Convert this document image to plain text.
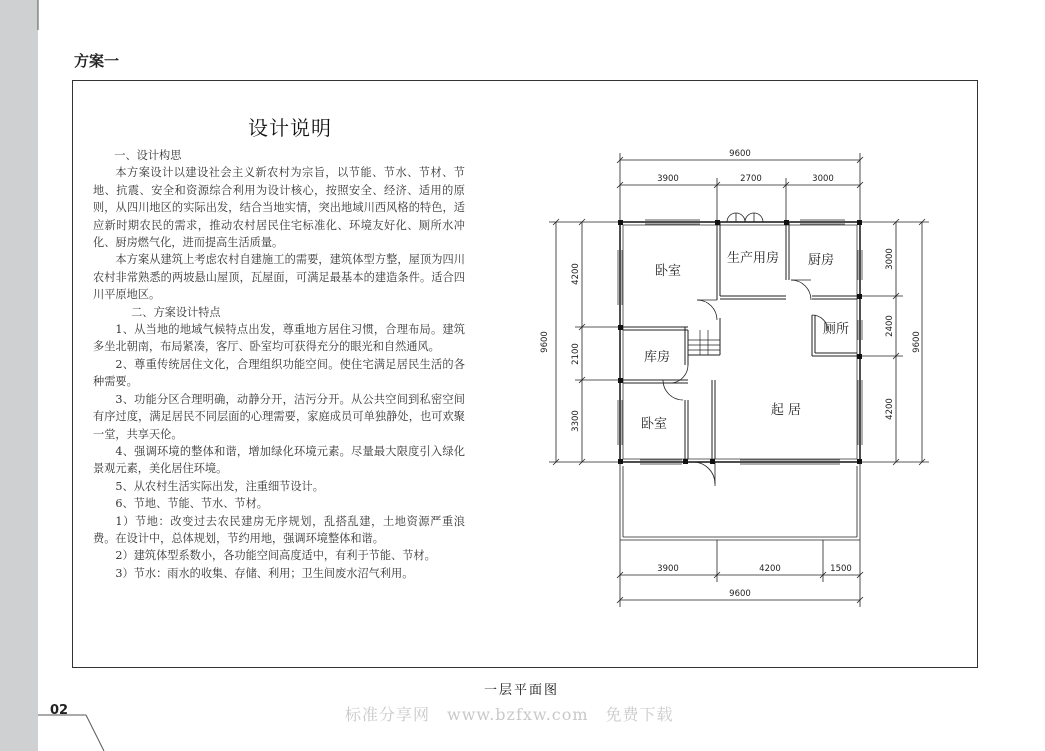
方案一
设计说明

一、设计构思

本方案设计以建设社会主义新农村为宗旨，以节能、节水、节材、节地、抗震、安全和资源综合利用为设计核心，按照安全、经济、适用的原则，从四川地区的实际出发，结合当地实情，突出地域川西风格的特色，适应新时期农民的需求，推动农村居民住宅标准化、环境友好化、厕所水冲化、厨房燃气化，进而提高生活质量。

本方案从建筑上考虑农村自建施工的需要，建筑体型方整，屋顶为四川农村非常熟悉的两坡悬山屋顶，瓦屋面，可满足最基本的建造条件。适合四川平原地区。

二、方案设计特点

1、从当地的地域气候特点出发，尊重地方居住习惯，合理布局。建筑多坐北朝南，布局紧凑，客厅、卧室均可获得充分的眼光和自然通风。

2、尊重传统居住文化，合理组织功能空间。使住宅满足居民生活的各种需要。

3、功能分区合理明确，动静分开，洁污分开。从公共空间到私密空间有序过度，满足居民不同层面的心理需要，家庭成员可单独静处，也可欢聚一堂，共享天伦。

4、强调环境的整体和谐，增加绿化环境元素。尽量最大限度引入绿化景观元素，美化居住环境。

5、从农村生活实际出发，注重细节设计。

6、节地、节能、节水、节材。

1）节地：改变过去农民建房无序规划，乱搭乱建，土地资源严重浪费。在设计中，总体规划，节约用地，强调环境整体和谐。

2）建筑体型系数小，各功能空间高度适中，有利于节能、节材。

3）节水：雨水的收集、存储、利用；卫生间废水沼气利用。

9600
3900	2700	3000
3900	4200	1500
9600
9600
4200
2100
3300
3000
2400
4200
9600
卧室
生产用房 厨房
厕所
库房
起 居
卧室
一层平面图
02	标准分享网　www.bzfxw.com　免费下载
